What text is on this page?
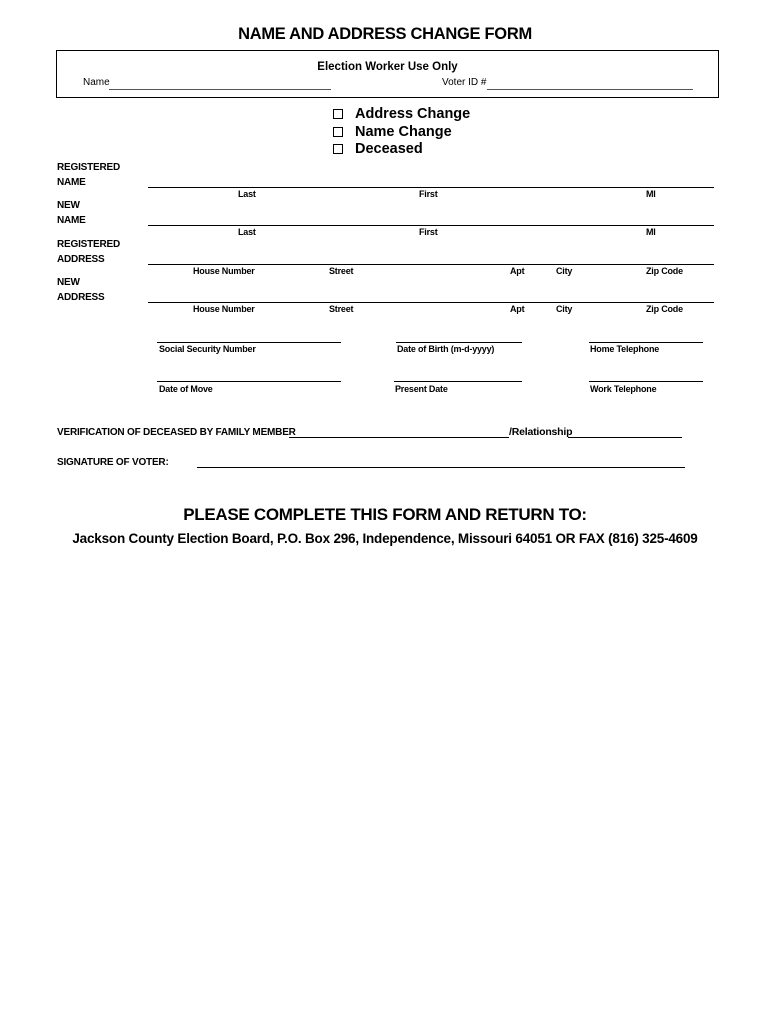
NAME AND ADDRESS CHANGE FORM
Election Worker Use Only
Name	Voter ID #
Address Change
Name Change
Deceased
REGISTERED NAME
Last	First	MI
NEW NAME
Last	First	MI
REGISTERED ADDRESS
House Number	Street	Apt	City	Zip Code
NEW ADDRESS
House Number	Street	Apt	City	Zip Code
Social Security Number	Date of Birth (m-d-yyyy)	Home Telephone
Date of Move	Present Date	Work Telephone
VERIFICATION OF DECEASED BY FAMILY MEMBER	/Relationship
SIGNATURE OF VOTER:
PLEASE COMPLETE THIS FORM AND RETURN TO:
Jackson County Election Board, P.O. Box 296, Independence, Missouri 64051 OR FAX (816) 325-4609
